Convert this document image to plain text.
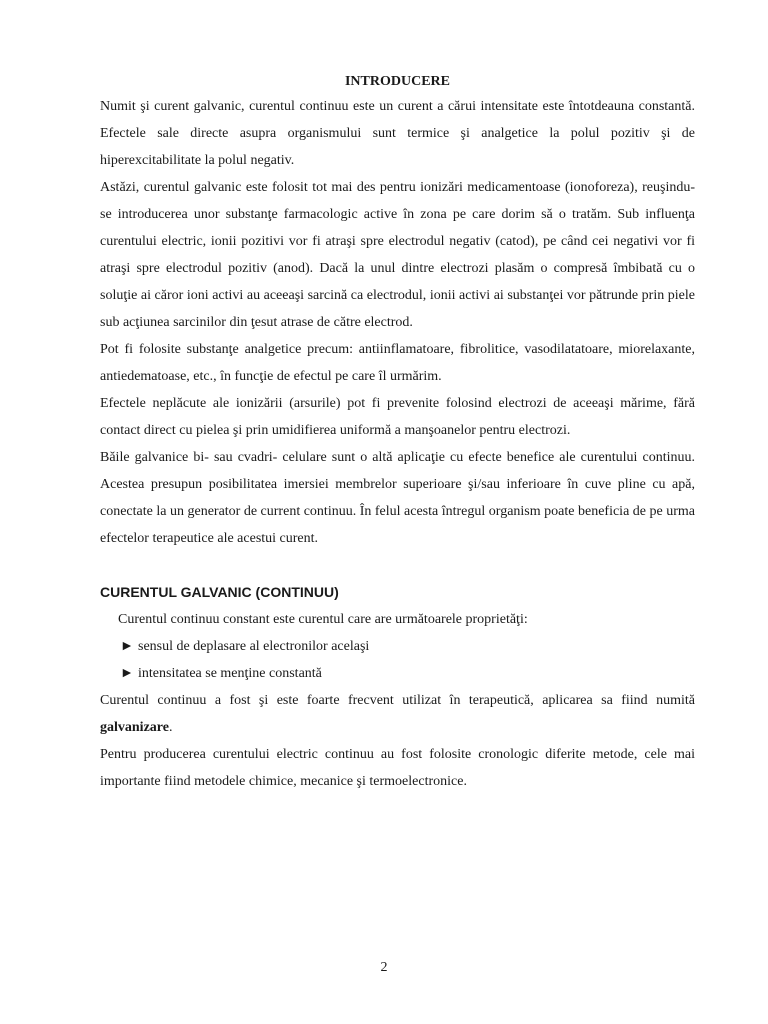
INTRODUCERE

Numit şi curent galvanic, curentul continuu este un curent a cărui intensitate este întotdeauna constantă. Efectele sale directe asupra organismului sunt termice şi analgetice la polul pozitiv şi de hiperexcitabilitate la polul negativ.

Astăzi, curentul galvanic este folosit tot mai des pentru ionizări medicamentoase (ionoforeza), reuşindu-se introducerea unor substanţe farmacologic active în zona pe care dorim să o tratăm. Sub influenţa curentului electric, ionii pozitivi vor fi atraşi spre electrodul negativ (catod), pe când cei negativi vor fi atraşi spre electrodul pozitiv (anod). Dacă la unul dintre electrozi plasăm o compresă îmbibată cu o soluţie ai căror ioni activi au aceeaşi sarcină ca electrodul, ionii activi ai substanţei vor pătrunde prin piele sub acţiunea sarcinilor din ţesut atrase de către electrod.

Pot fi folosite substanţe analgetice precum: antiinflamatoare, fibrolitice, vasodilatatoare, miorelaxante, antiedematoase, etc., în funcţie de efectul pe care îl urmărim.

Efectele neplăcute ale ionizării (arsurile) pot fi prevenite folosind electrozi de aceeaşi mărime, fără contact direct cu pielea şi prin umidifierea uniformă a manşoanelor pentru electrozi.

Băile galvanice bi- sau cvadri- celulare sunt o altă aplicaţie cu efecte benefice ale curentului continuu. Acestea presupun posibilitatea imersiei membrelor superioare şi/sau inferioare în cuve pline cu apă, conectate la un generator de current continuu. În felul acesta întregul organism poate beneficia de pe urma efectelor terapeutice ale acestui curent.

CURENTUL GALVANIC (CONTINUU)

Curentul continuu constant este curentul care are următoarele proprietăţi:

► sensul de deplasare al electronilor acelaşi

► intensitatea se menţine constantă

Curentul continuu a fost şi este foarte frecvent utilizat în terapeutică, aplicarea sa fiind numită galvanizare.

Pentru producerea curentului electric continuu au fost folosite cronologic diferite metode, cele mai importante fiind metodele chimice, mecanice şi termoelectronice.

2
